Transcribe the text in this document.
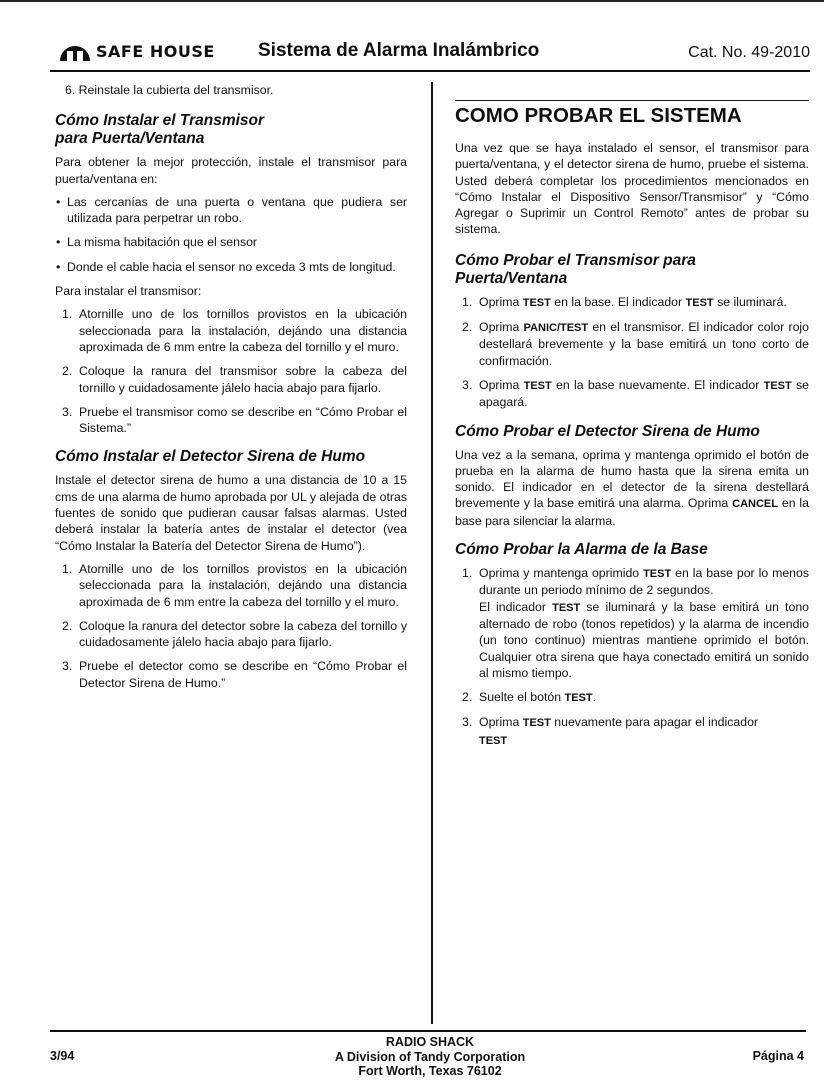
SAFE HOUSE Sistema de Alarma Inalámbrico	Cat. No. 49-2010

6. Reinstale la cubierta del transmisor.

Cómo Instalar el Transmisor
para Puerta/Ventana

Para obtener la mejor protección, instale el transmisor para puerta/ventana en:

• Las cercanías de una puerta o ventana que pudiera ser utilizada para perpetrar un robo.
• La misma habitación que el sensor
• Donde el cable hacia el sensor no exceda 3 mts de longitud.

Para instalar el transmisor:

1. Atornille uno de los tornillos provistos en la ubicación seleccionada para la instalación, dejándo una distancia aproximada de 6 mm entre la cabeza del tornillo y el muro.
2. Coloque la ranura del transmisor sobre la cabeza del tornillo y cuidadosamente jálelo hacia abajo para fijarlo.
3. Pruebe el transmisor como se describe en “Cómo Probar el Sistema.”
Cómo Instalar el Detector Sirena de Humo

Instale el detector sirena de humo a una distancia de 10 a 15 cms de una alarma de humo aprobada por UL y alejada de otras fuentes de sonido que pudieran causar falsas alarmas. Usted deberá instalar la batería antes de instalar el detector (vea “Cómo Instalar la Batería del Detector Sirena de Humo”).

1. Atornille uno de los tornillos provistos en la ubicación seleccionada para la instalación, dejándo una distancia aproximada de 6 mm entre la cabeza del tornillo y el muro.
2. Coloque la ranura del detector sobre la cabeza del tornillo y cuidadosamente jálelo hacia abajo para fijarlo.
3. Pruebe el detector como se describe en “Cómo Probar el Detector Sirena de Humo.”
COMO PROBAR EL SISTEMA

Una vez que se haya instalado el sensor, el transmisor para puerta/ventana, y el detector sirena de humo, pruebe el sistema. Usted deberá completar los procedimientos mencionados en “Cómo Instalar el Dispositivo Sensor/Transmisor” y “Cómo Agregar o Suprimir un Control Remoto” antes de probar su sistema.

Cómo Probar el Transmisor para
Puerta/Ventana
1. Oprima TEST en la base. El indicador TEST se iluminará.
2. Oprima PANIC/TEST en el transmisor. El indicador color rojo destellará brevemente y la base emitirá un tono corto de confirmación.
3. Oprima TEST en la base nuevamente. El indicador TEST se apagará.
Cómo Probar el Detector Sirena de Humo

Una vez a la semana, oprima y mantenga oprimido el botón de prueba en la alarma de humo hasta que la sirena emita un sonido. El indicador en el detector de la sirena destellará brevemente y la base emitirá una alarma. Oprima CANCEL en la base para silenciar la alarma.

Cómo Probar la Alarma de la Base
1. Oprima y mantenga oprimido TEST en la base por lo menos durante un periodo mínimo de 2 segundos.

El indicador TEST se iluminará y la base emitirá un tono alternado de robo (tonos repetidos) y la alarma de incendio (un tono continuo) mientras mantiene oprimido el botón. Cualquier otra sirena que haya conectado emitirá un sonido al mismo tiempo.

2. Suelte el botón TEST.
3. Oprima TEST nuevamente para apagar el indicador
TEST
3/94
RADIO SHACK
A Division of Tandy Corporation
Fort Worth, Texas 76102
Página 4
